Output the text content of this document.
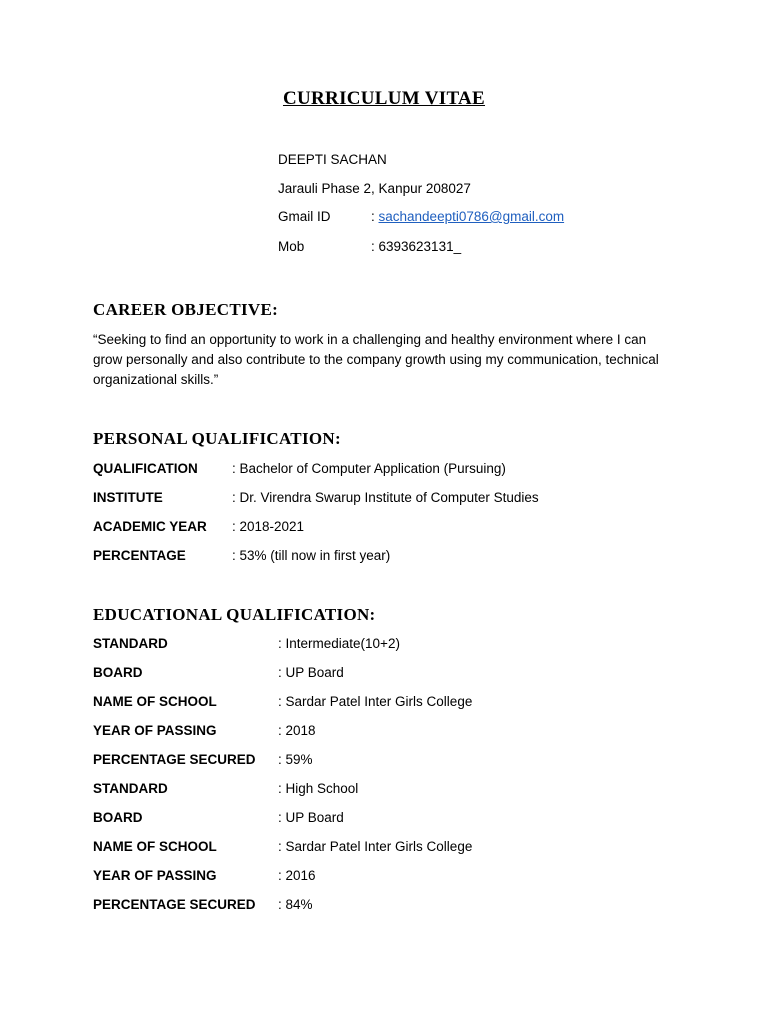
CURRICULUM VITAE
DEEPTI SACHAN
Jarauli Phase 2, Kanpur 208027
Gmail ID	: sachandeepti0786@gmail.com
Mob	: 6393623131_
CAREER OBJECTIVE:
“Seeking to find an opportunity to work in a challenging and healthy environment where I can grow personally and also contribute to the company growth using my communication, technical organizational skills.”
PERSONAL QUALIFICATION:
QUALIFICATION	: Bachelor of Computer Application (Pursuing)
INSTITUTE	: Dr. Virendra Swarup Institute of Computer Studies
ACADEMIC YEAR : 2018-2021
PERCENTAGE	: 53% (till now in first year)
EDUCATIONAL QUALIFICATION:
STANDARD	: Intermediate(10+2)
BOARD	: UP Board
NAME OF SCHOOL	: Sardar Patel Inter Girls College
YEAR OF PASSING	: 2018
PERCENTAGE SECURED : 59%
STANDARD	: High School
BOARD	: UP Board
NAME OF SCHOOL	: Sardar Patel Inter Girls College
YEAR OF PASSING	: 2016
PERCENTAGE SECURED : 84%
